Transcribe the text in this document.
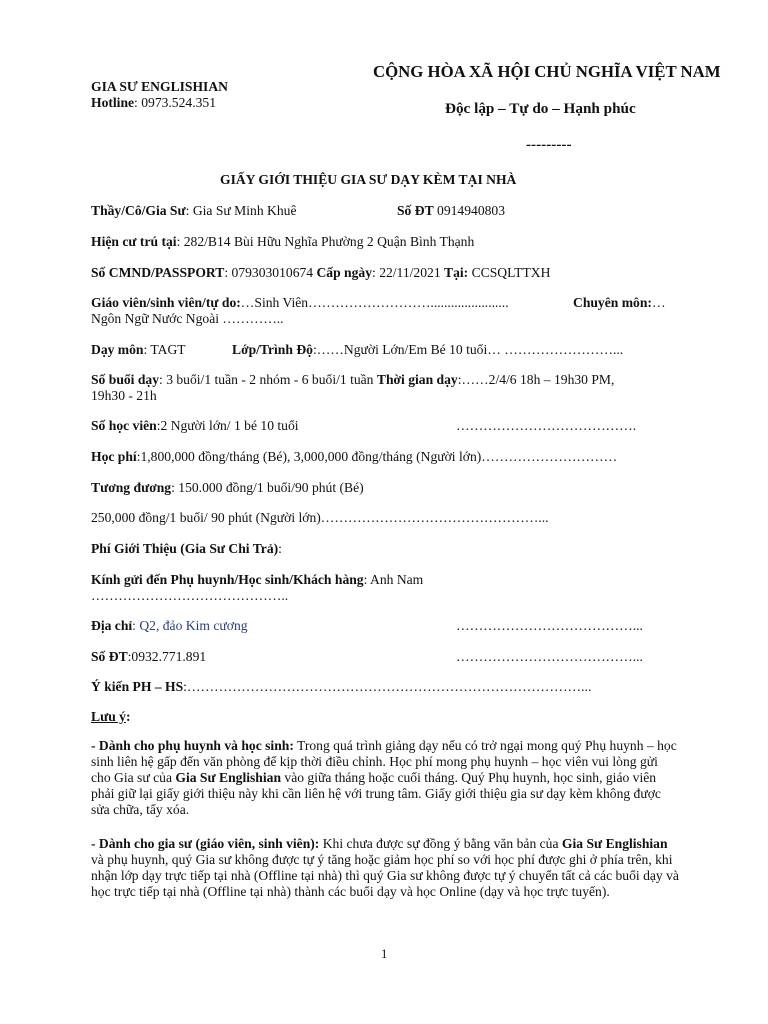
GIA SƯ ENGLISHIAN
Hotline: 0973.524.351
CỘNG HÒA XÃ HỘI CHỦ NGHĨA VIỆT NAM
Độc lập – Tự do – Hạnh phúc
---------
GIẤY GIỚI THIỆU GIA SƯ DẠY KÈM TẠI NHÀ
Thầy/Cô/Gia Sư: Gia Sư Minh Khuê	Số ĐT 0914940803
Hiện cư trú tại: 282/B14 Bùi Hữu Nghĩa Phường 2 Quận Bình Thạnh
Số CMND/PASSPORT: 079303010674 Cấp ngày: 22/11/2021 Tại: CCSQLTTXH
Giáo viên/sinh viên/tự do:…Sinh Viên……………………….......................	Chuyên môn:…
Ngôn Ngữ Nước Ngoài …………..
Dạy môn: TAGT	Lớp/Trình Độ:……Người Lớn/Em Bé 10 tuổi… ……………………...
Số buổi dạy: 3 buổi/1 tuần - 2 nhóm - 6 buổi/1 tuần Thời gian dạy:……2/4/6 18h – 19h30 PM,
19h30 - 21h
Số học viên:2 Người lớn/ 1 bé 10 tuổi	………………………………….
Học phí:1,800,000 đồng/tháng (Bé), 3,000,000 đồng/tháng (Người lớn)…………………………
Tương đương: 150.000 đồng/1 buổi/90 phút (Bé)
250,000 đồng/1 buổi/ 90 phút (Người lớn)…………………………………………...
Phí Giới Thiệu (Gia Sư Chi Trả):
Kính gửi đến Phụ huynh/Học sinh/Khách hàng: Anh Nam
……………………………………..
Địa chỉ: Q2, đảo Kim cương	…………………………………...
Số ĐT:0932.771.891	…………………………………...
Ý kiến PH – HS:……………………………………………………………………………...
Lưu ý:
- Dành cho phụ huynh và học sinh: Trong quá trình giảng dạy nếu có trở ngại mong quý Phụ huynh – học sinh liên hệ gấp đến văn phòng để kịp thời điều chỉnh. Học phí mong phụ huynh – học viên vui lòng gửi cho Gia sư của Gia Sư Englishian vào giữa tháng hoặc cuối tháng. Quý Phụ huynh, học sinh, giáo viên phải giữ lại giấy giới thiệu này khi cần liên hệ với trung tâm. Giấy giới thiệu gia sư dạy kèm không được sửa chữa, tẩy xóa.
- Dành cho gia sư (giáo viên, sinh viên): Khi chưa được sự đồng ý bằng văn bản của Gia Sư Englishian và phụ huynh, quý Gia sư không được tự ý tăng hoặc giảm học phí so với học phí được ghi ở phía trên, khi nhận lớp dạy trực tiếp tại nhà (Offline tại nhà) thì quý Gia sư không được tự ý chuyển tất cả các buổi dạy và học trực tiếp tại nhà (Offline tại nhà) thành các buổi dạy và học Online (dạy và học trực tuyến).
1
